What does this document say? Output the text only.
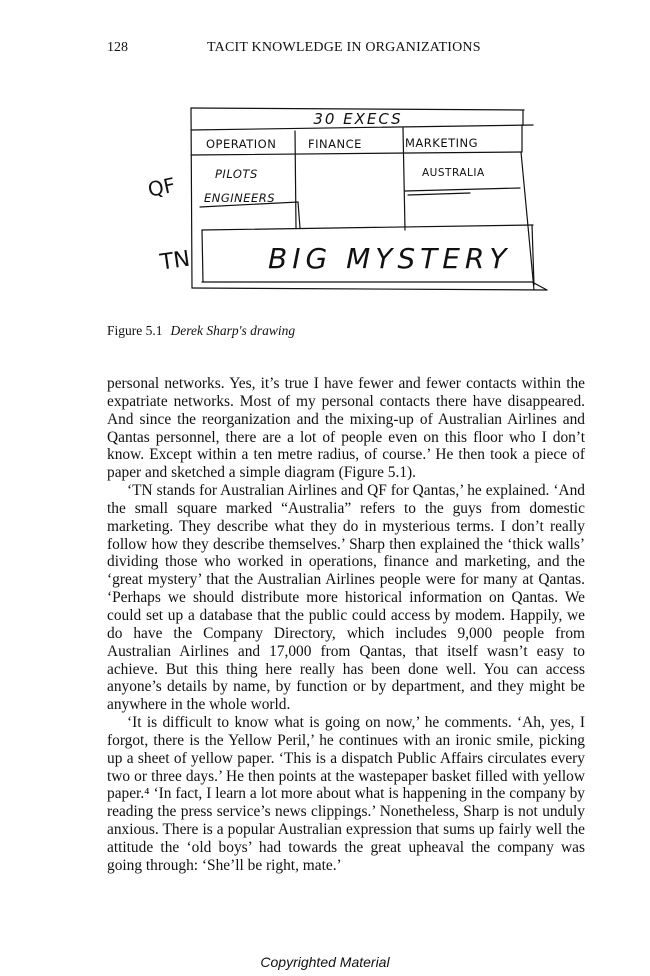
128	TACIT KNOWLEDGE IN ORGANIZATIONS
30 EXECS
OPERATION	FINANCE	MARKETING
PILOTS
ENGINEERS
AUSTRALIA
BIG MYSTERY
QF
TN
Figure 5.1 Derek Sharp's drawing

personal networks. Yes, it’s true I have fewer and fewer contacts within the expatriate networks. Most of my personal contacts there have disappeared. And since the reorganization and the mixing-up of Australian Airlines and Qantas personnel, there are a lot of people even on this floor who I don’t know. Except within a ten metre radius, of course.’ He then took a piece of paper and sketched a simple diagram (Figure 5.1).

‘TN stands for Australian Airlines and QF for Qantas,’ he explained. ‘And the small square marked “Australia” refers to the guys from domestic marketing. They describe what they do in mysterious terms. I don’t really follow how they describe themselves.’ Sharp then explained the ‘thick walls’ dividing those who worked in operations, finance and marketing, and the ‘great mystery’ that the Australian Airlines people were for many at Qantas. ‘Perhaps we should distribute more historical information on Qantas. We could set up a database that the public could access by modem. Happily, we do have the Company Directory, which includes 9,000 people from Australian Airlines and 17,000 from Qantas, that itself wasn’t easy to achieve. But this thing here really has been done well. You can access anyone’s details by name, by function or by department, and they might be anywhere in the whole world.

‘It is difficult to know what is going on now,’ he comments. ‘Ah, yes, I forgot, there is the Yellow Peril,’ he continues with an ironic smile, picking up a sheet of yellow paper. ‘This is a dispatch Public Affairs circulates every two or three days.’ He then points at the wastepaper basket filled with yellow paper.⁴ ‘In fact, I learn a lot more about what is happening in the company by reading the press service’s news clippings.’ Nonetheless, Sharp is not unduly anxious. There is a popular Australian expression that sums up fairly well the attitude the ‘old boys’ had towards the great upheaval the company was going through: ‘She’ll be right, mate.’

Copyrighted Material
